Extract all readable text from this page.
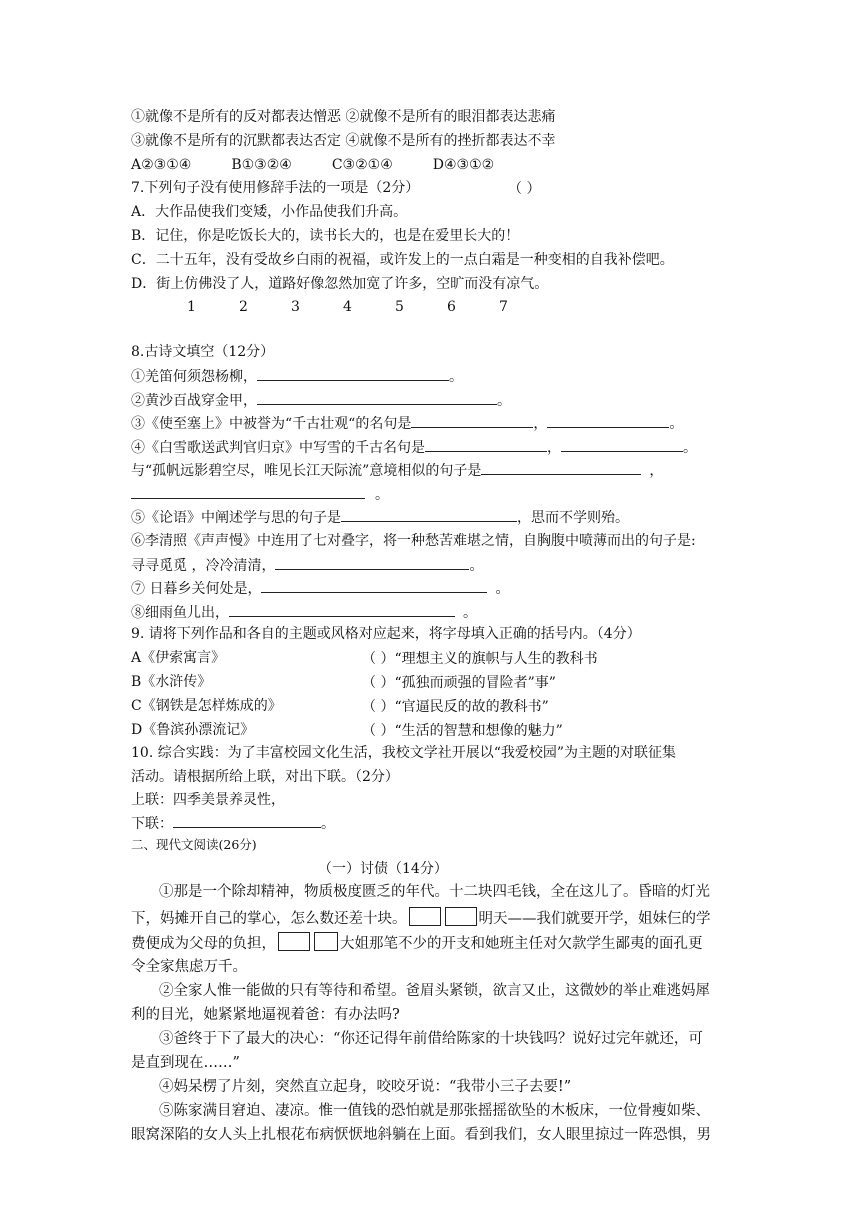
①就像不是所有的反对都表达憎恶 ②就像不是所有的眼泪都表达悲痛
③就像不是所有的沉默都表达否定 ④就像不是所有的挫折都表达不幸
A②③①④	B①③②④	C③②①④	D④③①②
7.下列句子没有使用修辞手法的一项是（2分）	（ ）
A．大作品使我们变矮，小作品使我们升高。
B．记住，你是吃饭长大的，读书长大的，也是在爱里长大的！
C．二十五年，没有受故乡白雨的祝福，或许发上的一点白霜是一种变相的自我补偿吧。
D．街上仿佛没了人，道路好像忽然加宽了许多，空旷而没有凉气。
1	2	3	4	5	6	7
8.古诗文填空（12分）
①羌笛何须怨杨柳，	。
②黄沙百战穿金甲，	。
③《使至塞上》中被誉为“千古壮观“的名句是	，	。
④《白雪歌送武判官归京》中写雪的千古名句是	，	。
与“孤帆远影碧空尽，唯见长江天际流”意境相似的句子是	，
。
⑤《论语》中阐述学与思的句子是	，思而不学则殆。
⑥李清照《声声慢》中连用了七对叠字，将一种愁苦难堪之情，自胸腹中喷薄而出的句子是:
寻寻觅觅 ，冷冷清清，	。
⑦ 日暮乡关何处是，	。
⑧细雨鱼儿出，	。
9. 请将下列作品和各自的主题或风格对应起来，将字母填入正确的括号内。（4分）
A《伊索寓言》	（ ）“理想主义的旗帜与人生的教科书
B《水浒传》	（ ）“孤独而顽强的冒险者”事”
C《钢铁是怎样炼成的》	（ ）“官逼民反的故的教科书”
D《鲁滨孙漂流记》	（ ）“生活的智慧和想像的魅力”
10. 综合实践：为了丰富校园文化生活，我校文学社开展以“我爱校园”为主题的对联征集
活动。请根据所给上联，对出下联。（2分）
上联：四季美景养灵性，
下联：	。
二、现代文阅读(26分)
（一）讨债（14分）
①那是一个除却精神，物质极度匮乏的年代。十二块四毛钱，全在这儿了。昏暗的灯光
下，妈摊开自己的掌心，怎么数还差十块。	明天——我们就要开学，姐妹仨的学
费便成为父母的负担，	大姐那笔不少的开支和她班主任对欠款学生鄙夷的面孔更
令全家焦虑万千。
②全家人惟一能做的只有等待和希望。爸眉头紧锁，欲言又止，这微妙的举止难逃妈犀
利的目光，她紧紧地逼视着爸：有办法吗?
③爸终于下了最大的决心：“你还记得年前借给陈家的十块钱吗？说好过完年就还，可
是直到现在……”
④妈呆楞了片刻，突然直立起身，咬咬牙说：“我带小三子去要!”
⑤陈家满目窘迫、凄凉。惟一值钱的恐怕就是那张摇摇欲坠的木板床，一位骨瘦如柴、
眼窝深陷的女人头上扎根花布病恹恹地斜躺在上面。看到我们，女人眼里掠过一阵恐惧，男
